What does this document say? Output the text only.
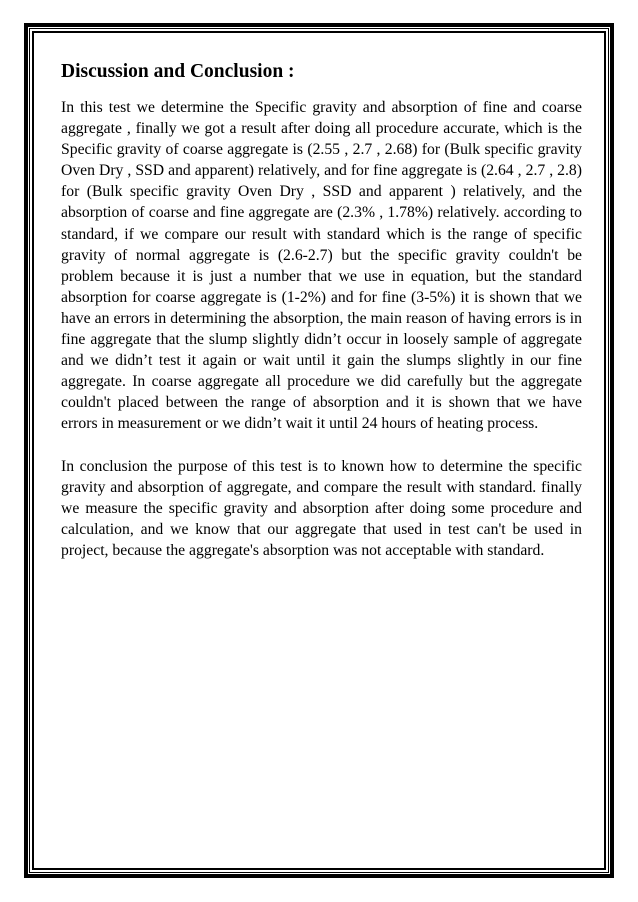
Discussion and Conclusion :

In this test we determine the Specific gravity and absorption of fine and coarse aggregate , finally we got a result after doing all procedure accurate, which is the Specific gravity of coarse aggregate is (2.55 , 2.7 , 2.68) for (Bulk specific gravity Oven Dry , SSD and apparent) relatively, and for fine aggregate is (2.64 , 2.7 , 2.8) for (Bulk specific gravity Oven Dry , SSD and apparent ) relatively, and the absorption of coarse and fine aggregate are (2.3% , 1.78%) relatively. according to standard, if we compare our result with standard which is the range of specific gravity of normal aggregate is (2.6-2.7) but the specific gravity couldn't be problem because it is just a number that we use in equation, but the standard absorption for coarse aggregate is (1-2%) and for fine (3-5%) it is shown that we have an errors in determining the absorption, the main reason of having errors is in fine aggregate that the slump slightly didn’t occur in loosely sample of aggregate and we didn’t test it again or wait until it gain the slumps slightly in our fine aggregate. In coarse aggregate all procedure we did carefully but the aggregate couldn't placed between the range of absorption and it is shown that we have errors in measurement or we didn’t wait it until 24 hours of heating process.

In conclusion the purpose of this test is to known how to determine the specific gravity and absorption of aggregate, and compare the result with standard. finally we measure the specific gravity and absorption after doing some procedure and calculation, and we know that our aggregate that used in test can't be used in project, because the aggregate's absorption was not acceptable with standard.
